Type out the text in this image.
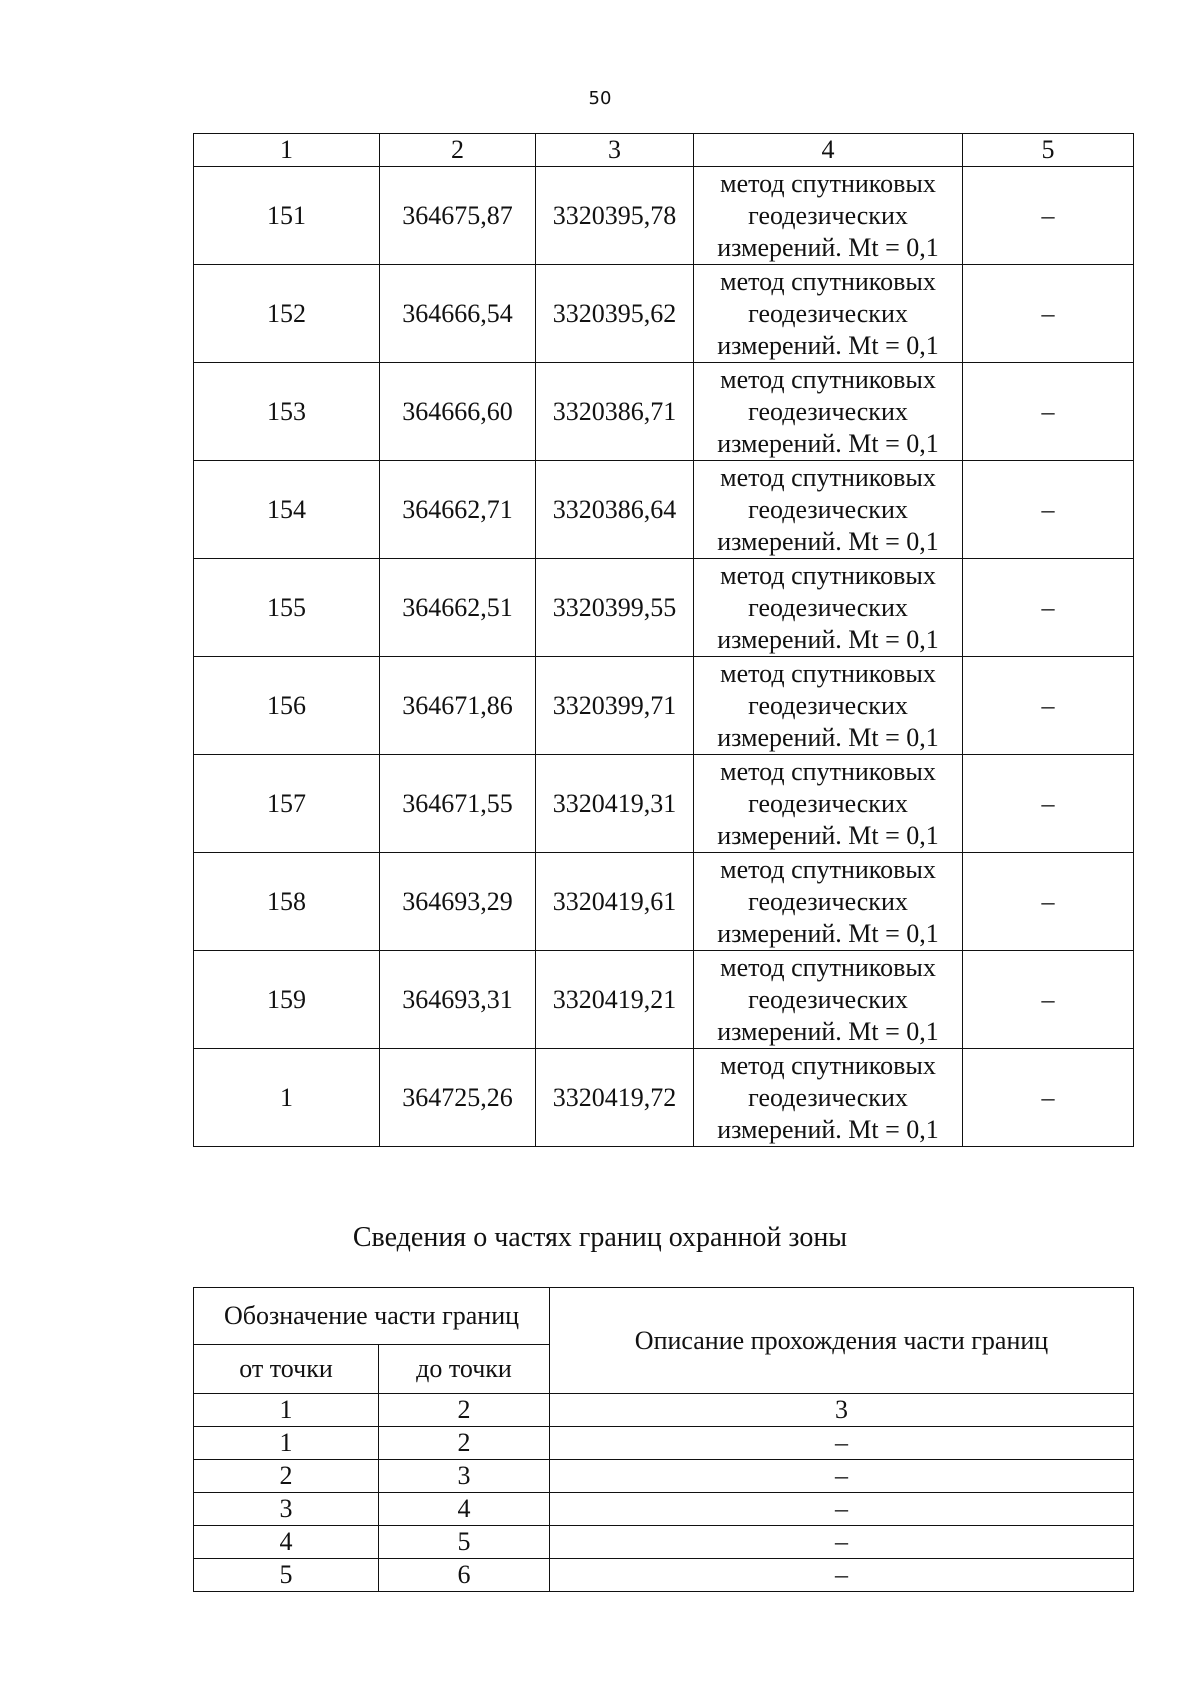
50
1	2	3	4	5
151	364675,87	3320395,78	метод спутниковых
геодезических
измерений. Mt = 0,1	–
152	364666,54	3320395,62	метод спутниковых
геодезических
измерений. Mt = 0,1	–
153	364666,60	3320386,71	метод спутниковых
геодезических
измерений. Mt = 0,1	–
154	364662,71	3320386,64	метод спутниковых
геодезических
измерений. Mt = 0,1	–
155	364662,51	3320399,55	метод спутниковых
геодезических
измерений. Mt = 0,1	–
156	364671,86	3320399,71	метод спутниковых
геодезических
измерений. Mt = 0,1	–
157	364671,55	3320419,31	метод спутниковых
геодезических
измерений. Mt = 0,1	–
158	364693,29	3320419,61	метод спутниковых
геодезических
измерений. Mt = 0,1	–
159	364693,31	3320419,21	метод спутниковых
геодезических
измерений. Mt = 0,1	–
1	364725,26	3320419,72	метод спутниковых
геодезических
измерений. Mt = 0,1	–
Сведения о частях границ охранной зоны
Обозначение части границ		Описание прохождения части границ
от точки	до точки	
1	2	3
1	2	–
2	3	–
3	4	–
4	5	–
5	6	–
